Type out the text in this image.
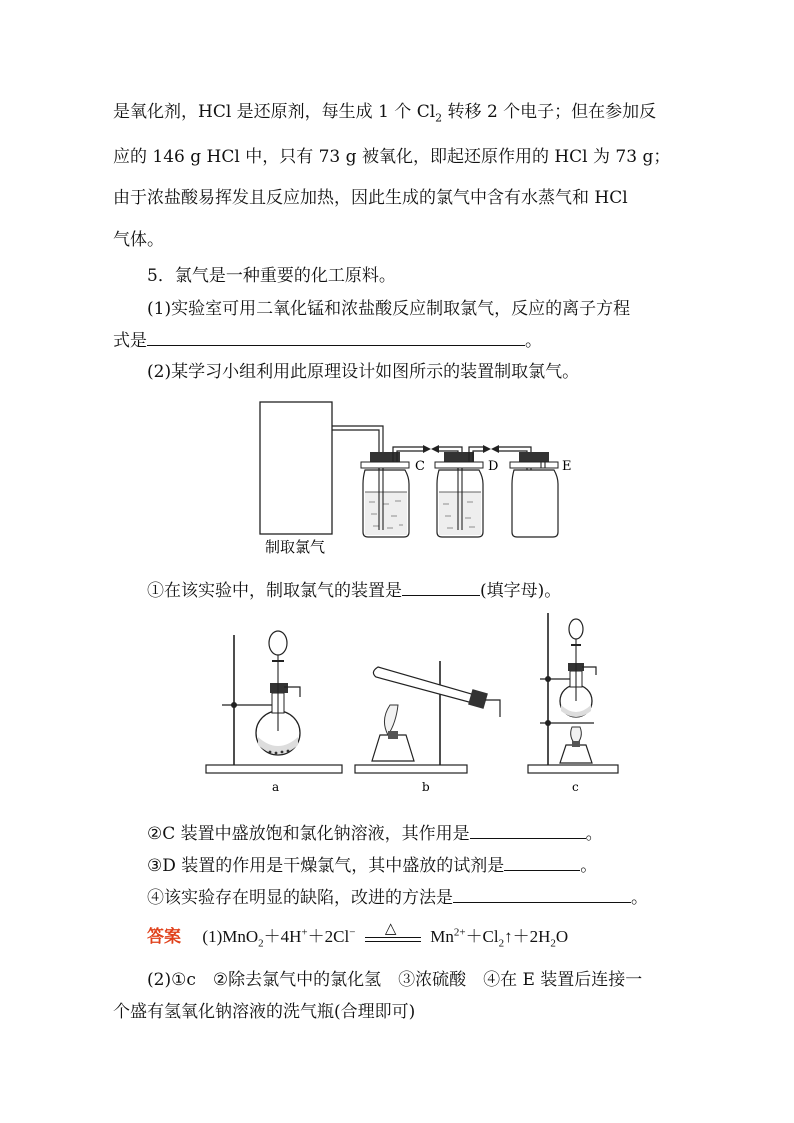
是氧化剂，HCl 是还原剂，每生成 1 个 $Cl_2$ 转移 2 个电子；但在参加反
应的 146 g HCl 中，只有 73 g 被氧化，即起还原作用的 HCl 为 73 g；
由于浓盐酸易挥发且反应加热，因此生成的氯气中含有水蒸气和 HCl
气体。
5．氯气是一种重要的化工原料。
(1)实验室可用二氧化锰和浓盐酸反应制取氯气，反应的离子方程
式是	。
(2)某学习小组利用此原理设计如图所示的装置制取氯气。
制取氯气
C	D	E
①在该实验中，制取氯气的装置是	(填字母)。
a	b	c
②C 装置中盛放饱和氯化钠溶液，其作用是	。
③D 装置的作用是干燥氯气，其中盛放的试剂是	。
④该实验存在明显的缺陷，改进的方法是	。
答案 (1)MnO$_2$＋4H+＋2Cl− △ $Mn^{2+}+Cl_2↑+2H_2O$
(2)①c　②除去氯气中的氯化氢　③浓硫酸　④在 E 装置后连接一
个盛有氢氧化钠溶液的洗气瓶(合理即可)
